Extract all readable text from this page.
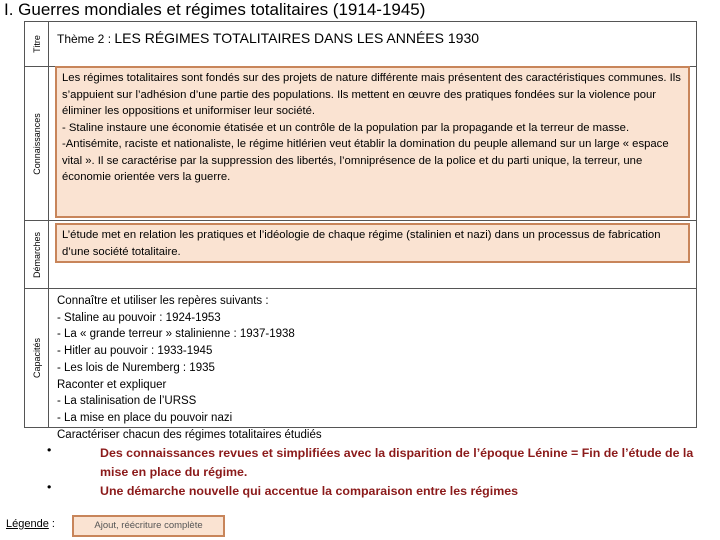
I. Guerres mondiales et régimes totalitaires (1914-1945)
Titre Thème 2 : LES RÉGIMES TOTALITAIRES DANS LES ANNÉES 1930
Connaissances

Les régimes totalitaires sont fondés sur des projets de nature différente mais présentent des caractéristiques communes. Ils s’appuient sur l’adhésion d’une partie des populations. Ils mettent en œuvre des pratiques fondées sur la violence pour éliminer les oppositions et uniformiser leur société.

- Staline instaure une économie étatisée et un contrôle de la population par la propagande et la terreur de masse.

-Antisémite, raciste et nationaliste, le régime hitlérien veut établir la domination du peuple allemand sur un large « espace vital ». Il se caractérise par la suppression des libertés, l’omniprésence de la police et du parti unique, la terreur, une économie orientée vers la guerre.

Démarches L’étude met en relation les pratiques et l’idéologie de chaque régime (stalinien et nazi) dans un processus de fabrication d’une société totalitaire.

Capacités

Connaître et utiliser les repères suivants :

- Staline au pouvoir : 1924-1953

- La « grande terreur » stalinienne : 1937-1938

- Hitler au pouvoir : 1933-1945

- Les lois de Nuremberg : 1935

Raconter et expliquer

- La stalinisation de l’URSS

- La mise en place du pouvoir nazi

Caractériser chacun des régimes totalitaires étudiés

•	Des connaissances revues et simplifiées avec la disparition de l’époque Lénine = Fin de l’étude de la mise en place du régime.
•	Une démarche nouvelle qui accentue la comparaison entre les régimes
Légende :	Ajout, réécriture complète
